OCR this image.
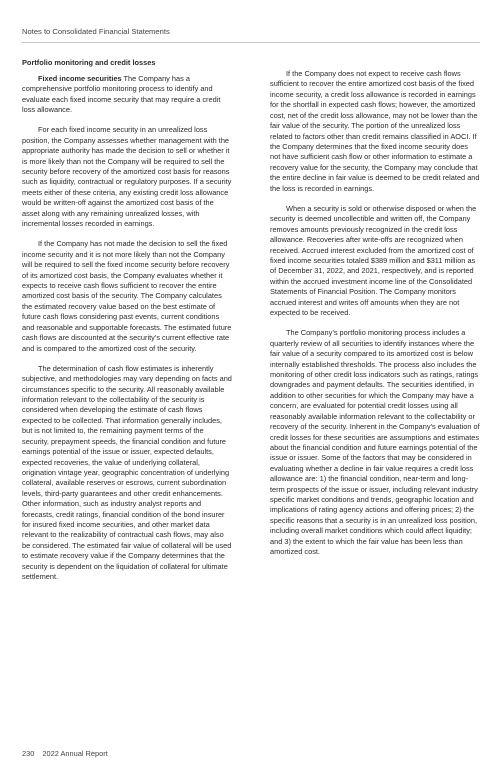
Notes to Consolidated Financial Statements
Portfolio monitoring and credit losses

Fixed income securities The Company has a comprehensive portfolio monitoring process to identify and evaluate each fixed income security that may require a credit loss allowance.

For each fixed income security in an unrealized loss position, the Company assesses whether management with the appropriate authority has made the decision to sell or whether it is more likely than not the Company will be required to sell the security before recovery of the amortized cost basis for reasons such as liquidity, contractual or regulatory purposes. If a security meets either of these criteria, any existing credit loss allowance would be written-off against the amortized cost basis of the asset along with any remaining unrealized losses, with incremental losses recorded in earnings.

If the Company has not made the decision to sell the fixed income security and it is not more likely than not the Company will be required to sell the fixed income security before recovery of its amortized cost basis, the Company evaluates whether it expects to receive cash flows sufficient to recover the entire amortized cost basis of the security. The Company calculates the estimated recovery value based on the best estimate of future cash flows considering past events, current conditions and reasonable and supportable forecasts. The estimated future cash flows are discounted at the security’s current effective rate and is compared to the amortized cost of the security.

The determination of cash flow estimates is inherently subjective, and methodologies may vary depending on facts and circumstances specific to the security. All reasonably available information relevant to the collectability of the security is considered when developing the estimate of cash flows expected to be collected. That information generally includes, but is not limited to, the remaining payment terms of the security, prepayment speeds, the financial condition and future earnings potential of the issue or issuer, expected defaults, expected recoveries, the value of underlying collateral, origination vintage year, geographic concentration of underlying collateral, available reserves or escrows, current subordination levels, third-party guarantees and other credit enhancements. Other information, such as industry analyst reports and forecasts, credit ratings, financial condition of the bond insurer for insured fixed income securities, and other market data relevant to the realizability of contractual cash flows, may also be considered. The estimated fair value of collateral will be used to estimate recovery value if the Company determines that the security is dependent on the liquidation of collateral for ultimate settlement.

If the Company does not expect to receive cash flows sufficient to recover the entire amortized cost basis of the fixed income security, a credit loss allowance is recorded in earnings for the shortfall in expected cash flows; however, the amortized cost, net of the credit loss allowance, may not be lower than the fair value of the security. The portion of the unrealized loss related to factors other than credit remains classified in AOCI. If the Company determines that the fixed income security does not have sufficient cash flow or other information to estimate a recovery value for the security, the Company may conclude that the entire decline in fair value is deemed to be credit related and the loss is recorded in earnings.

When a security is sold or otherwise disposed or when the security is deemed uncollectible and written off, the Company removes amounts previously recognized in the credit loss allowance. Recoveries after write-offs are recognized when received. Accrued interest excluded from the amortized cost of fixed income securities totaled $389 million and $311 million as of December 31, 2022, and 2021, respectively, and is reported within the accrued investment income line of the Consolidated Statements of Financial Position. The Company monitors accrued interest and writes off amounts when they are not expected to be received.

The Company’s portfolio monitoring process includes a quarterly review of all securities to identify instances where the fair value of a security compared to its amortized cost is below internally established thresholds. The process also includes the monitoring of other credit loss indicators such as ratings, ratings downgrades and payment defaults. The securities identified, in addition to other securities for which the Company may have a concern, are evaluated for potential credit losses using all reasonably available information relevant to the collectability or recovery of the security. Inherent in the Company’s evaluation of credit losses for these securities are assumptions and estimates about the financial condition and future earnings potential of the issue or issuer. Some of the factors that may be considered in evaluating whether a decline in fair value requires a credit loss allowance are: 1) the financial condition, near-term and long-term prospects of the issue or issuer, including relevant industry specific market conditions and trends, geographic location and implications of rating agency actions and offering prices; 2) the specific reasons that a security is in an unrealized loss position, including overall market conditions which could affect liquidity; and 3) the extent to which the fair value has been less than amortized cost.

230 2022 Annual Report
